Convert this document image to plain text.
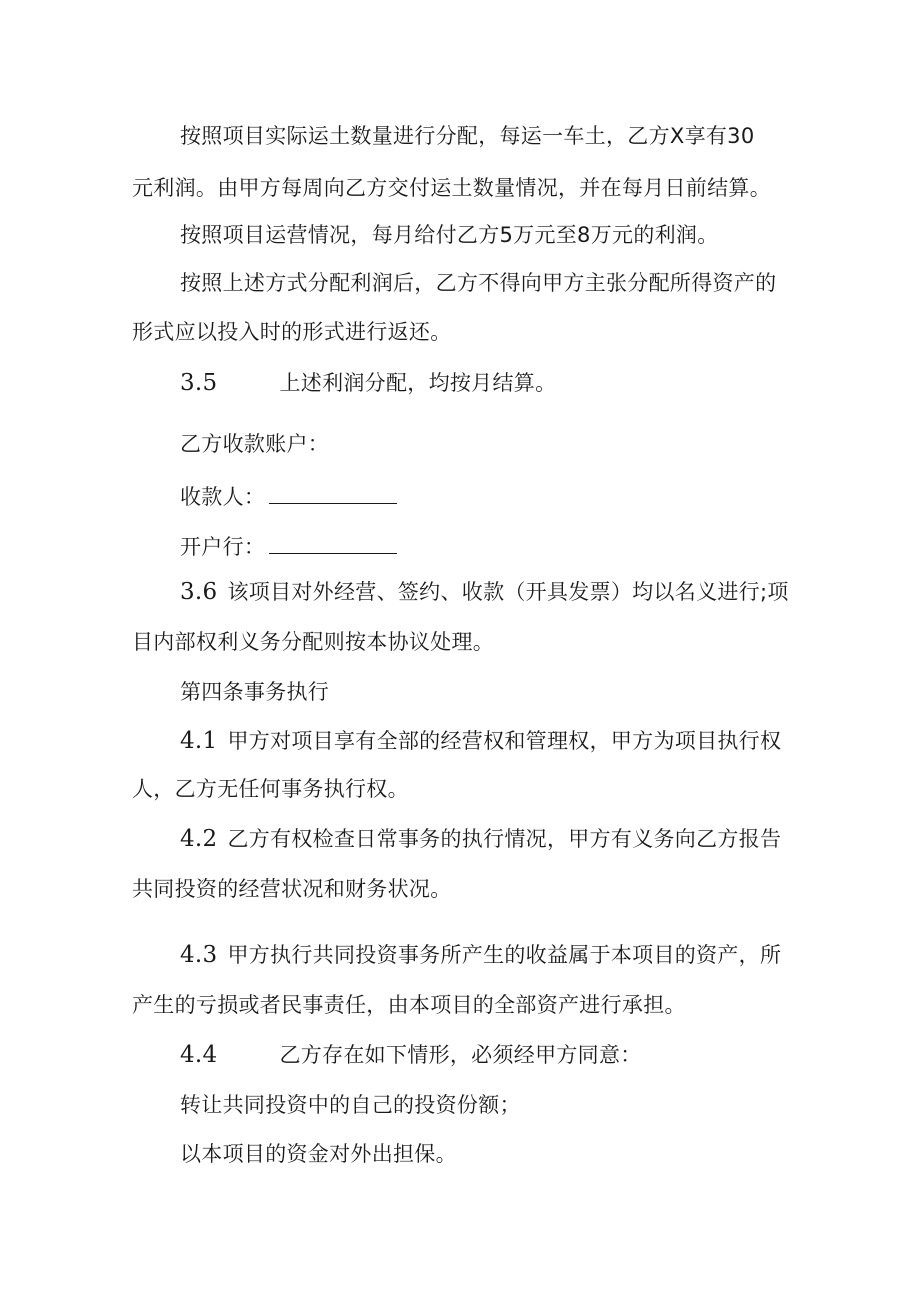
按照项目实际运土数量进行分配，每运一车土，乙方X享有30
元利润。由甲方每周向乙方交付运土数量情况，并在每月日前结算。
按照项目运营情况，每月给付乙方5万元至8万元的利润。
按照上述方式分配利润后，乙方不得向甲方主张分配所得资产的
形式应以投入时的形式进行返还。
3.5	上述利润分配，均按月结算。
乙方收款账户：
收款人：
开户行：
3.6 该项目对外经营、签约、收款（开具发票）均以名义进行;项
目内部权利义务分配则按本协议处理。
第四条事务执行
4.1 甲方对项目享有全部的经营权和管理权，甲方为项目执行权
人，乙方无任何事务执行权。
4.2 乙方有权检查日常事务的执行情况，甲方有义务向乙方报告
共同投资的经营状况和财务状况。
4.3 甲方执行共同投资事务所产生的收益属于本项目的资产，所
产生的亏损或者民事责任，由本项目的全部资产进行承担。
4.4	乙方存在如下情形，必须经甲方同意：
转让共同投资中的自己的投资份额；
以本项目的资金对外出担保。
